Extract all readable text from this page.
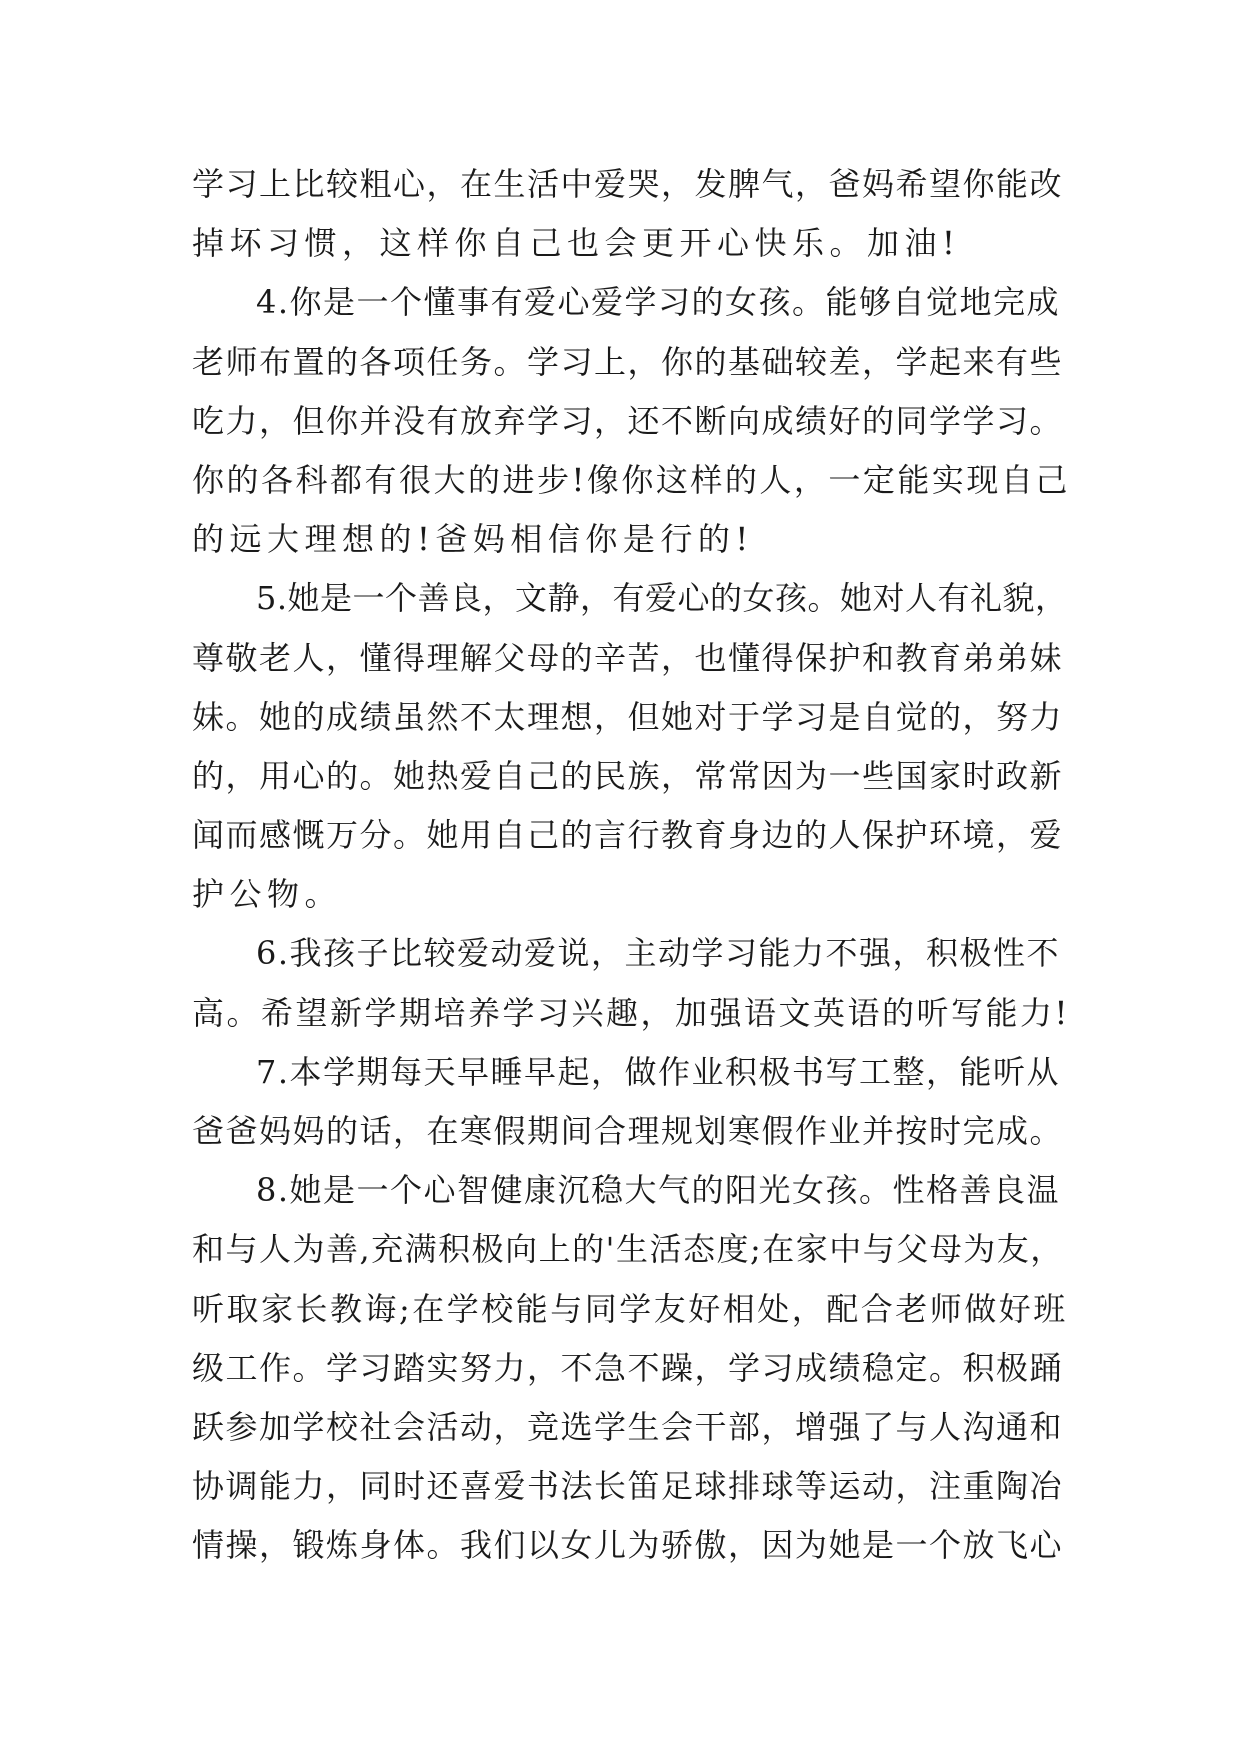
学习上比较粗心，在生活中爱哭，发脾气，爸妈希望你能改
掉坏习惯，这样你自己也会更开心快乐。加油!
4.你是一个懂事有爱心爱学习的女孩。能够自觉地完成
老师布置的各项任务。学习上，你的基础较差，学起来有些
吃力，但你并没有放弃学习，还不断向成绩好的同学学习。
你的各科都有很大的进步!像你这样的人，一定能实现自己
的远大理想的!爸妈相信你是行的!
5.她是一个善良，文静，有爱心的女孩。她对人有礼貌，
尊敬老人，懂得理解父母的辛苦，也懂得保护和教育弟弟妹
妹。她的成绩虽然不太理想，但她对于学习是自觉的，努力
的，用心的。她热爱自己的民族，常常因为一些国家时政新
闻而感慨万分。她用自己的言行教育身边的人保护环境，爱
护公物。
6.我孩子比较爱动爱说，主动学习能力不强，积极性不
高。希望新学期培养学习兴趣，加强语文英语的听写能力!
7.本学期每天早睡早起，做作业积极书写工整，能听从
爸爸妈妈的话，在寒假期间合理规划寒假作业并按时完成。
8.她是一个心智健康沉稳大气的阳光女孩。性格善良温
和与人为善,充满积极向上的'生活态度;在家中与父母为友，
听取家长教诲;在学校能与同学友好相处，配合老师做好班
级工作。学习踏实努力，不急不躁，学习成绩稳定。积极踊
跃参加学校社会活动，竞选学生会干部，增强了与人沟通和
协调能力，同时还喜爱书法长笛足球排球等运动，注重陶冶
情操，锻炼身体。我们以女儿为骄傲，因为她是一个放飞心
